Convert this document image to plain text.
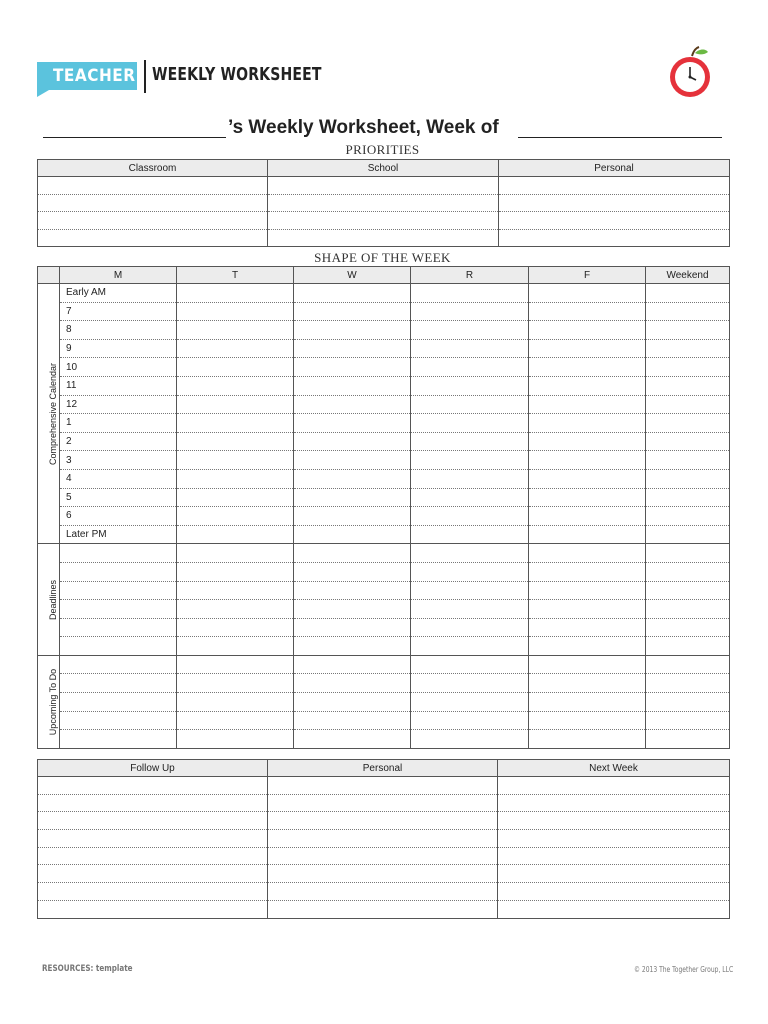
TEACHER WEEKLY WORKSHEET
’s Weekly Worksheet, Week of
PRIORITIES
Classroom	School	Personal

SHAPE OF THE WEEK
	M	T	W	R	F	Weekend

Comprehensive Calendar	Early AM					
	7					
	8					
	9					
	10					
	11					
	12					
	1					
	2					
	3					
	4					
	5					
	6					
	Later PM					

Deadlines						

Upcoming To Do						

Follow Up	Personal	Next Week

RESOURCES: template	© 2013 The Together Group, LLC
